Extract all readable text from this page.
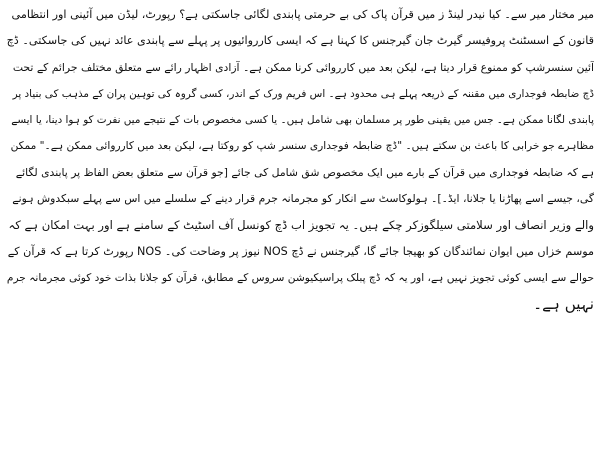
میر مختار میر سے۔ کیا نیدر لینڈ ز میں قرآن پاک کی بے حرمتی پابندی لگائی جاسکتی ہے؟ رپورٹ، لیڈن میں آئینی اور انتظامی
قانون کے اسسٹنٹ پروفیسر گیرٹ جان گیرجنس کا کہنا ہے کہ ایسی کارروائیوں پر پہلے سے پابندی عائد نہیں کی جاسکتی۔ ڈچ
آئین سنسرشپ کو ممنوع قرار دیتا ہے، لیکن بعد میں کارروائی کرنا ممکن ہے۔ آزادی اظہار رائے سے متعلق مختلف جرائم کے تحت
ڈچ ضابطہ فوجداری میں مقننہ کے ذریعہ پہلے ہی محدود ہے۔ اس فریم ورک کے اندر، کسی گروہ کی توہین پران کے مذہب کی بنیاد پر
پابندی لگانا ممکن ہے۔ جس میں یقینی طور پر مسلمان بھی شامل ہیں۔ یا کسی مخصوص بات کے نتیجے میں نفرت کو ہوا دینا، یا ایسے
مظاہرے جو خرابی کا باعث بن سکتے ہیں۔ "ڈچ ضابطہ فوجداری سنسر شپ کو روکتا ہے، لیکن بعد میں کارروائی ممکن ہے۔" ممکن
ہے کہ ضابطہ فوجداری میں قرآن کے بارے میں ایک مخصوص شق شامل کی جائے [جو قرآن سے متعلق بعض الفاظ پر پابندی لگائے
گی، جیسے اسے پھاڑنا یا جلانا، ایڈ۔]۔ ہولوکاسٹ سے انکار کو مجرمانہ جرم قرار دینے کے سلسلے میں اس سے پہلے سبکدوش ہونے
والے وزیر انصاف اور سلامتی سیلگوزکر چکے ہیں۔ یہ تجویز اب ڈچ کونسل آف اسٹیٹ کے سامنے ہے اور بہت امکان ہے کہ
موسم خزاں میں ایوان نمائندگان کو بھیجا جائے گا، گیرجنس نے ڈچ NOS نیوز پر وضاحت کی۔ NOS رپورٹ کرتا ہے کہ قرآن کے
حوالے سے ایسی کوئی تجویز نہیں ہے، اور یہ کہ ڈچ پبلک پراسیکیوشن سروس کے مطابق، قرآن کو جلانا بذات خود کوئی مجرمانہ جرم
نہیں ہے۔
